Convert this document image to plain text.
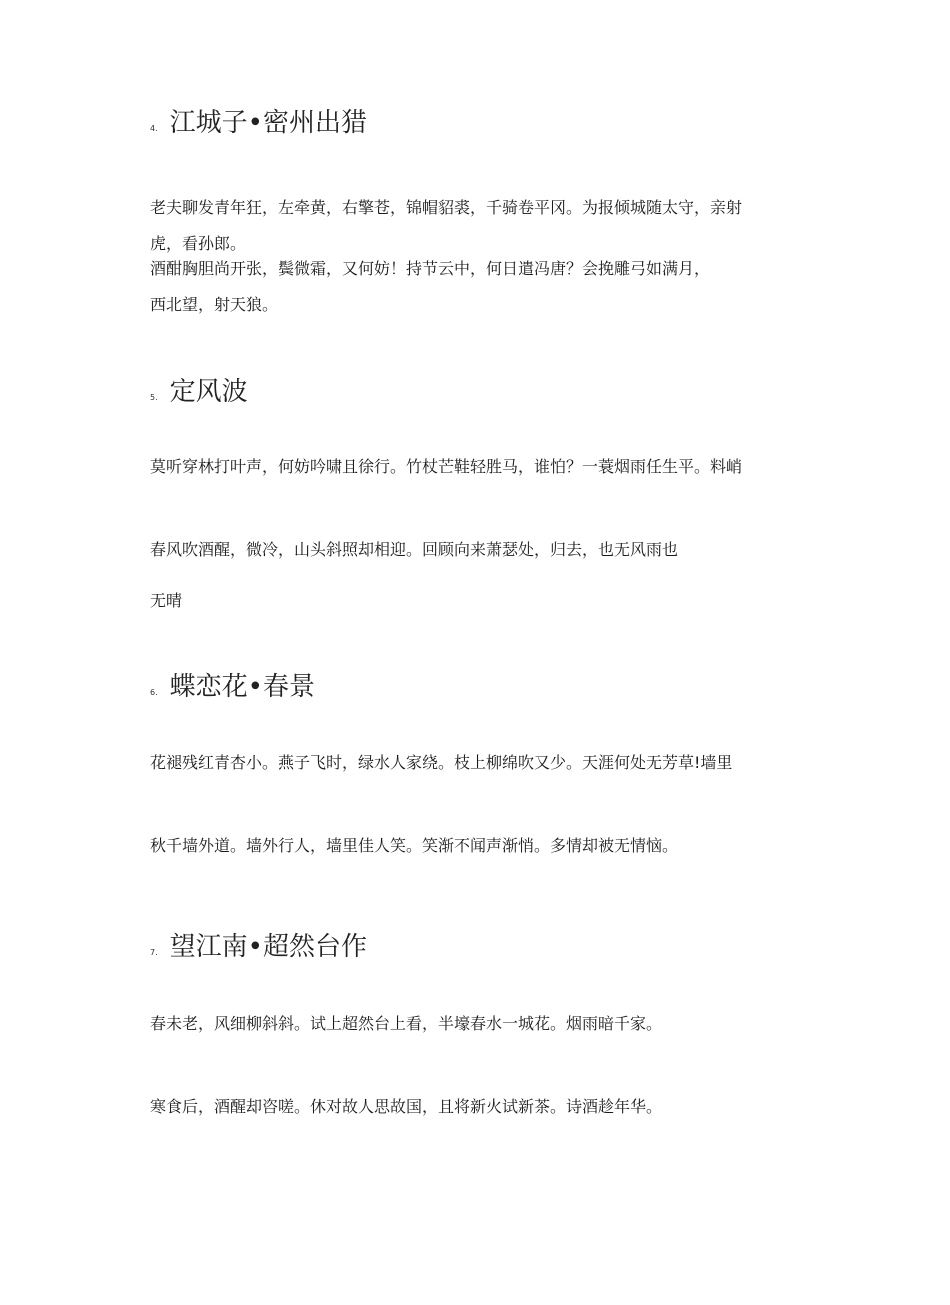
4. 江城子•密州出猎
老夫聊发青年狂，左牵黄，右擎苍，锦帽貂裘，千骑卷平冈。为报倾城随太守，亲射
虎，看孙郎。
酒酣胸胆尚开张，鬓微霜，又何妨！持节云中，何日遣冯唐？会挽雕弓如满月，
西北望，射天狼。
5. 定风波
莫听穿林打叶声，何妨吟啸且徐行。竹杖芒鞋轻胜马，谁怕？一蓑烟雨任生平。料峭
春风吹酒醒，微冷，山头斜照却相迎。回顾向来萧瑟处，归去，也无风雨也
无晴
6. 蝶恋花•春景
花褪残红青杏小。燕子飞时，绿水人家绕。枝上柳绵吹又少。天涯何处无芳草!墙里
秋千墙外道。墙外行人，墙里佳人笑。笑渐不闻声渐悄。多情却被无情恼。
7. 望江南•超然台作
春未老，风细柳斜斜。试上超然台上看，半壕春水一城花。烟雨暗千家。
寒食后，酒醒却咨嗟。休对故人思故国，且将新火试新茶。诗酒趁年华。
